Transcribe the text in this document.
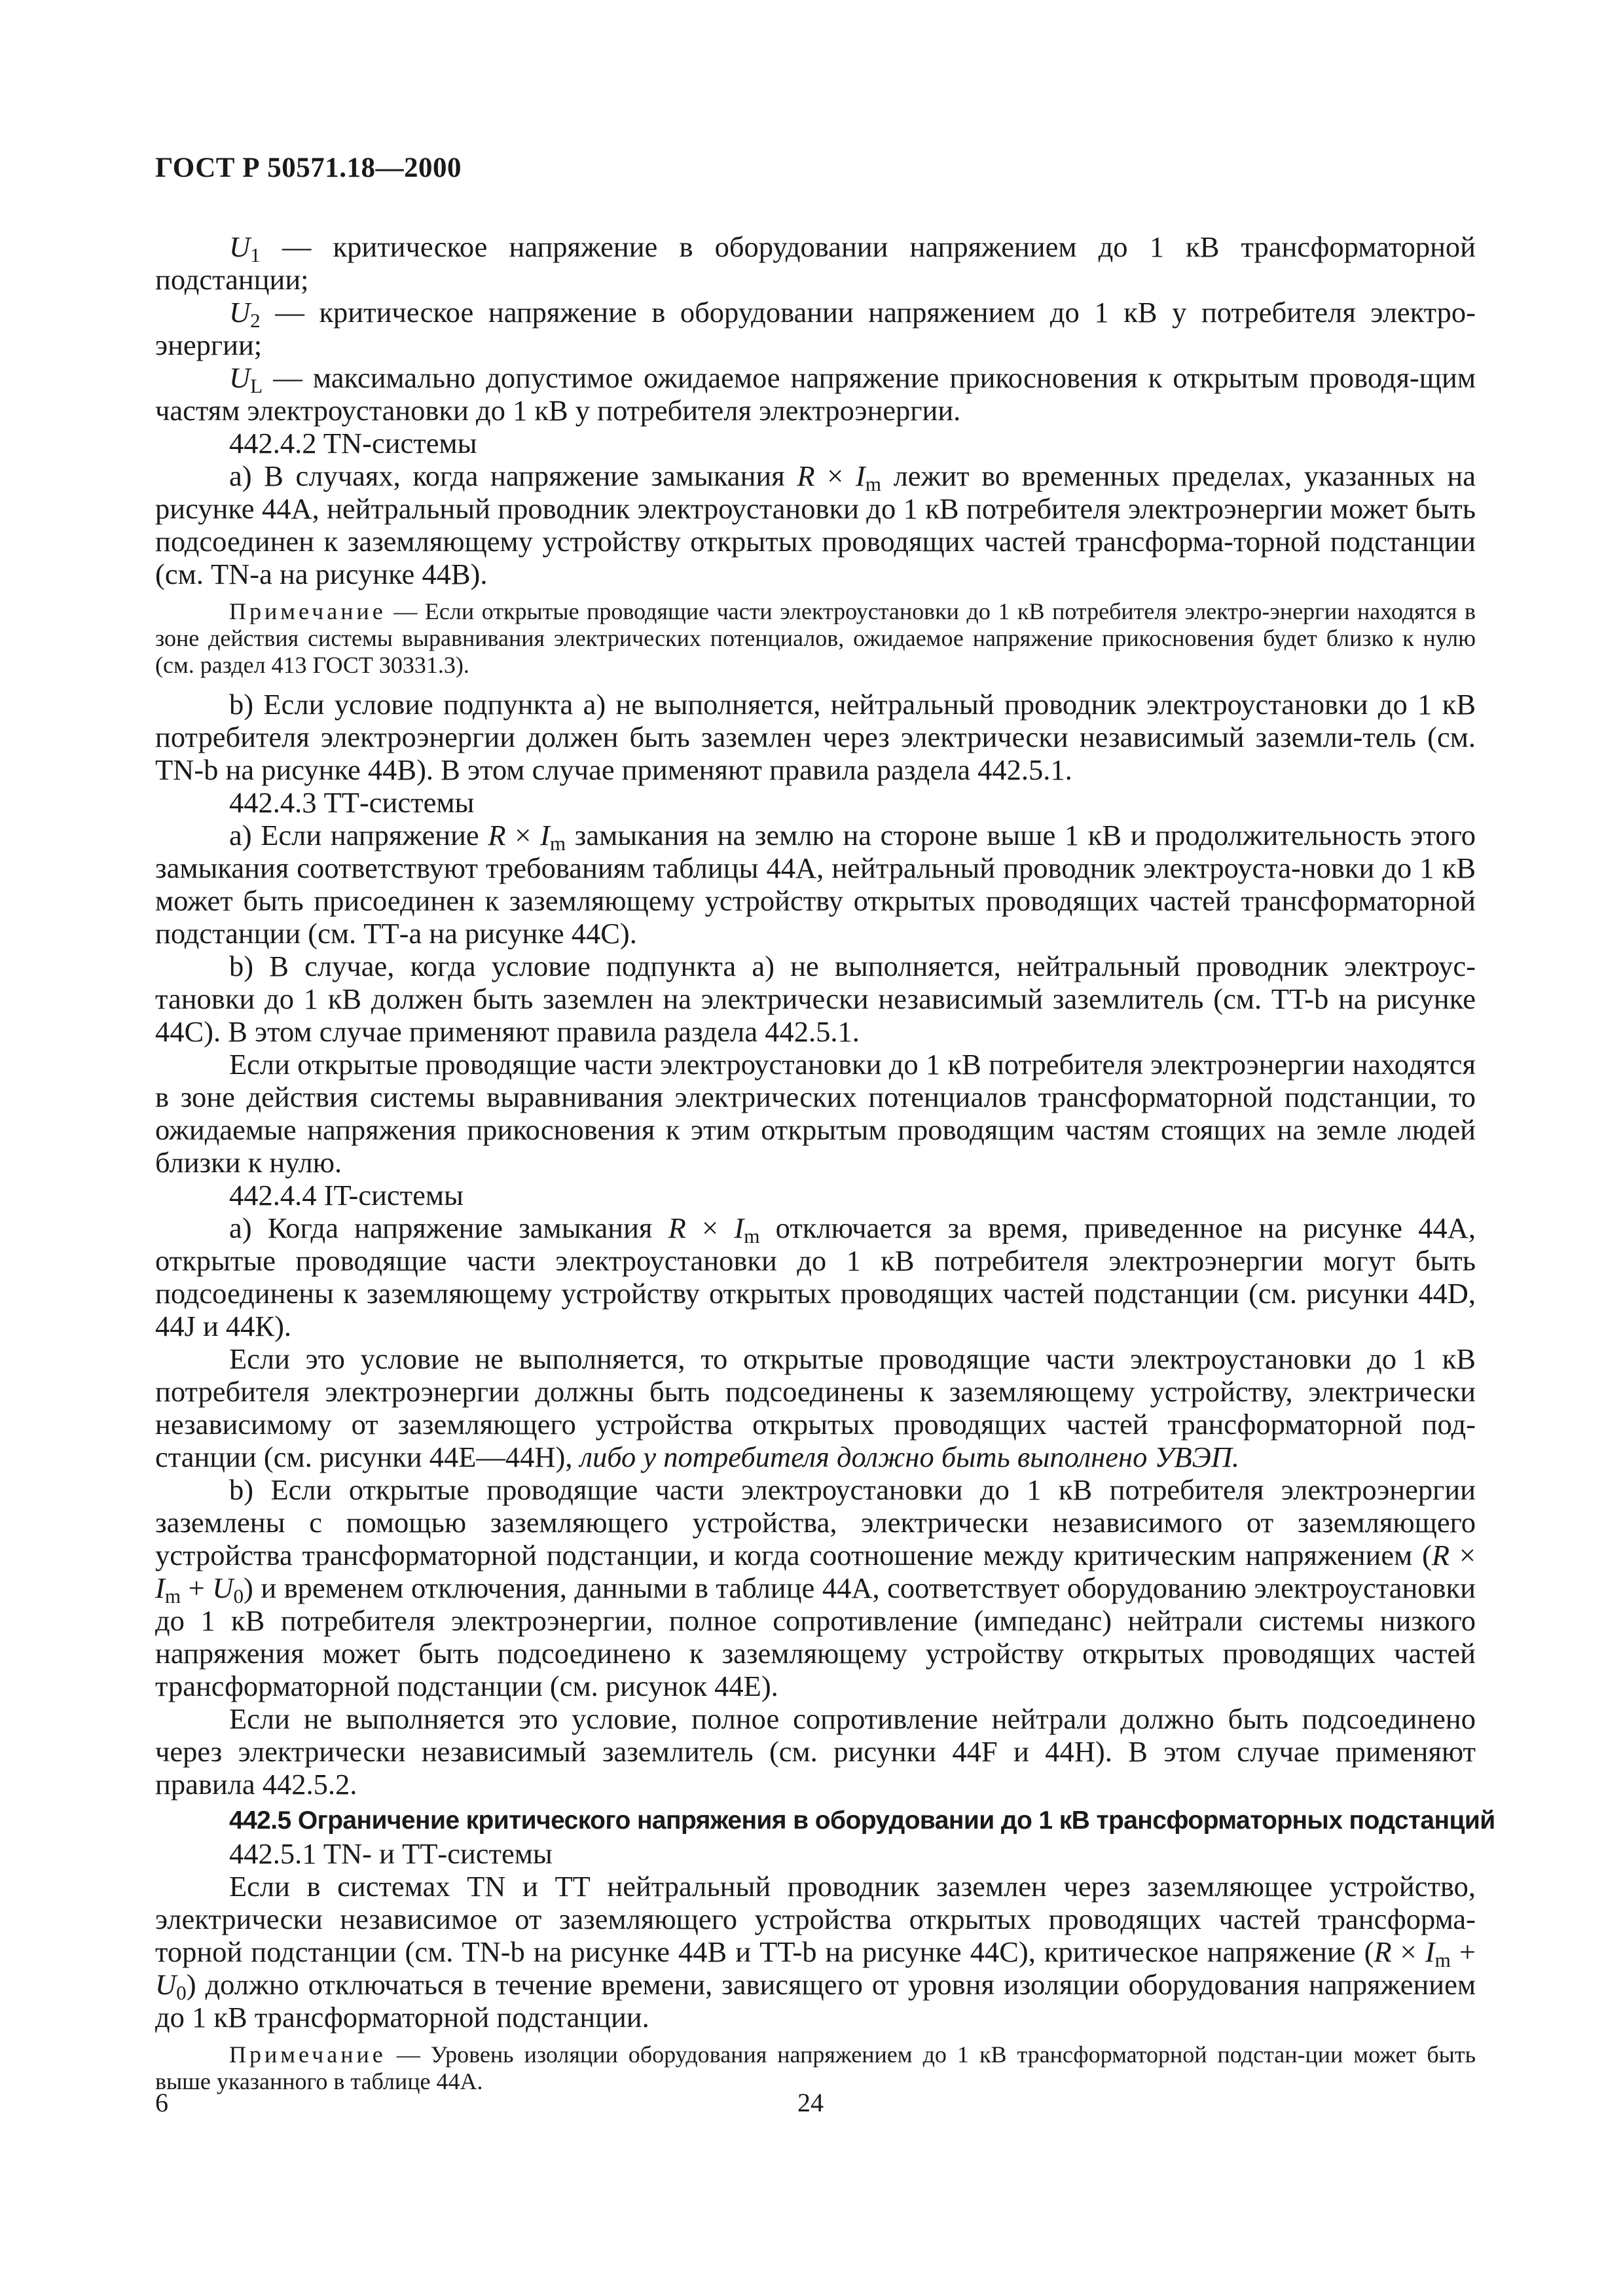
ГОСТ Р 50571.18—2000

$U_1$ — критическое напряжение в оборудовании напряжением до 1 кВ трансформаторной подстанции;

$U_2$ — критическое напряжение в оборудовании напряжением до 1 кВ у потребителя электро-энергии;

$U_L$ — максимально допустимое ожидаемое напряжение прикосновения к открытым проводя-щим частям электроустановки до 1 кВ у потребителя электроэнергии.

442.4.2 TN-системы

а) В случаях, когда напряжение замыкания $R \times I_m$ лежит во временных пределах, указанных на рисунке 44А, нейтральный проводник электроустановки до 1 кВ потребителя электроэнергии может быть подсоединен к заземляющему устройству открытых проводящих частей трансформа-торной подстанции (см. TN-a на рисунке 44В).

Примечание — Если открытые проводящие части электроустановки до 1 кВ потребителя электро-энергии находятся в зоне действия системы выравнивания электрических потенциалов, ожидаемое напряжение прикосновения будет близко к нулю (см. раздел 413 ГОСТ 30331.3).

b) Если условие подпункта а) не выполняется, нейтральный проводник электроустановки до 1 кВ потребителя электроэнергии должен быть заземлен через электрически независимый заземли-тель (см. TN-b на рисунке 44В). В этом случае применяют правила раздела 442.5.1.

442.4.3 ТТ-системы

а) Если напряжение $R \times I_m$ замыкания на землю на стороне выше 1 кВ и продолжительность этого замыкания соответствуют требованиям таблицы 44А, нейтральный проводник электроуста-новки до 1 кВ может быть присоединен к заземляющему устройству открытых проводящих частей трансформаторной подстанции (см. ТТ-а на рисунке 44С).

b) В случае, когда условие подпункта а) не выполняется, нейтральный проводник электроус-тановки до 1 кВ должен быть заземлен на электрически независимый заземлитель (см. TT-b на рисунке 44С). В этом случае применяют правила раздела 442.5.1.

Если открытые проводящие части электроустановки до 1 кВ потребителя электроэнергии находятся в зоне действия системы выравнивания электрических потенциалов трансформаторной подстанции, то ожидаемые напряжения прикосновения к этим открытым проводящим частям стоящих на земле людей близки к нулю.

442.4.4 IT-системы

а) Когда напряжение замыкания $R \times I_m$ отключается за время, приведенное на рисунке 44А, открытые проводящие части электроустановки до 1 кВ потребителя электроэнергии могут быть подсоединены к заземляющему устройству открытых проводящих частей подстанции (см. рисунки 44D, 44J и 44К).

Если это условие не выполняется, то открытые проводящие части электроустановки до 1 кВ потребителя электроэнергии должны быть подсоединены к заземляющему устройству, электрически независимому от заземляющего устройства открытых проводящих частей трансформаторной под-станции (см. рисунки 44Е—44Н), либо у потребителя должно быть выполнено УВЭП.

b) Если открытые проводящие части электроустановки до 1 кВ потребителя электроэнергии заземлены с помощью заземляющего устройства, электрически независимого от заземляющего устройства трансформаторной подстанции, и когда соотношение между критическим напряжением $(R \times I_m + U_0)$ и временем отключения, данными в таблице 44А, соответствует оборудованию электроустановки до 1 кВ потребителя электроэнергии, полное сопротивление (импеданс) нейтрали системы низкого напряжения может быть подсоединено к заземляющему устройству открытых проводящих частей трансформаторной подстанции (см. рисунок 44Е).

Если не выполняется это условие, полное сопротивление нейтрали должно быть подсоединено через электрически независимый заземлитель (см. рисунки 44F и 44Н). В этом случае применяют правила 442.5.2.

442.5 Ограничение критического напряжения в оборудовании до 1 кВ трансформаторных подстанций

442.5.1 TN- и ТТ-системы

Если в системах TN и ТТ нейтральный проводник заземлен через заземляющее устройство, электрически независимое от заземляющего устройства открытых проводящих частей трансформа-торной подстанции (см. TN-b на рисунке 44В и TT-b на рисунке 44С), критическое напряжение $(R \times I_m + U_0)$ должно отключаться в течение времени, зависящего от уровня изоляции оборудования напряжением до 1 кВ трансформаторной подстанции.

Примечание — Уровень изоляции оборудования напряжением до 1 кВ трансформаторной подстан-ции может быть выше указанного в таблице 44А.

6	24
